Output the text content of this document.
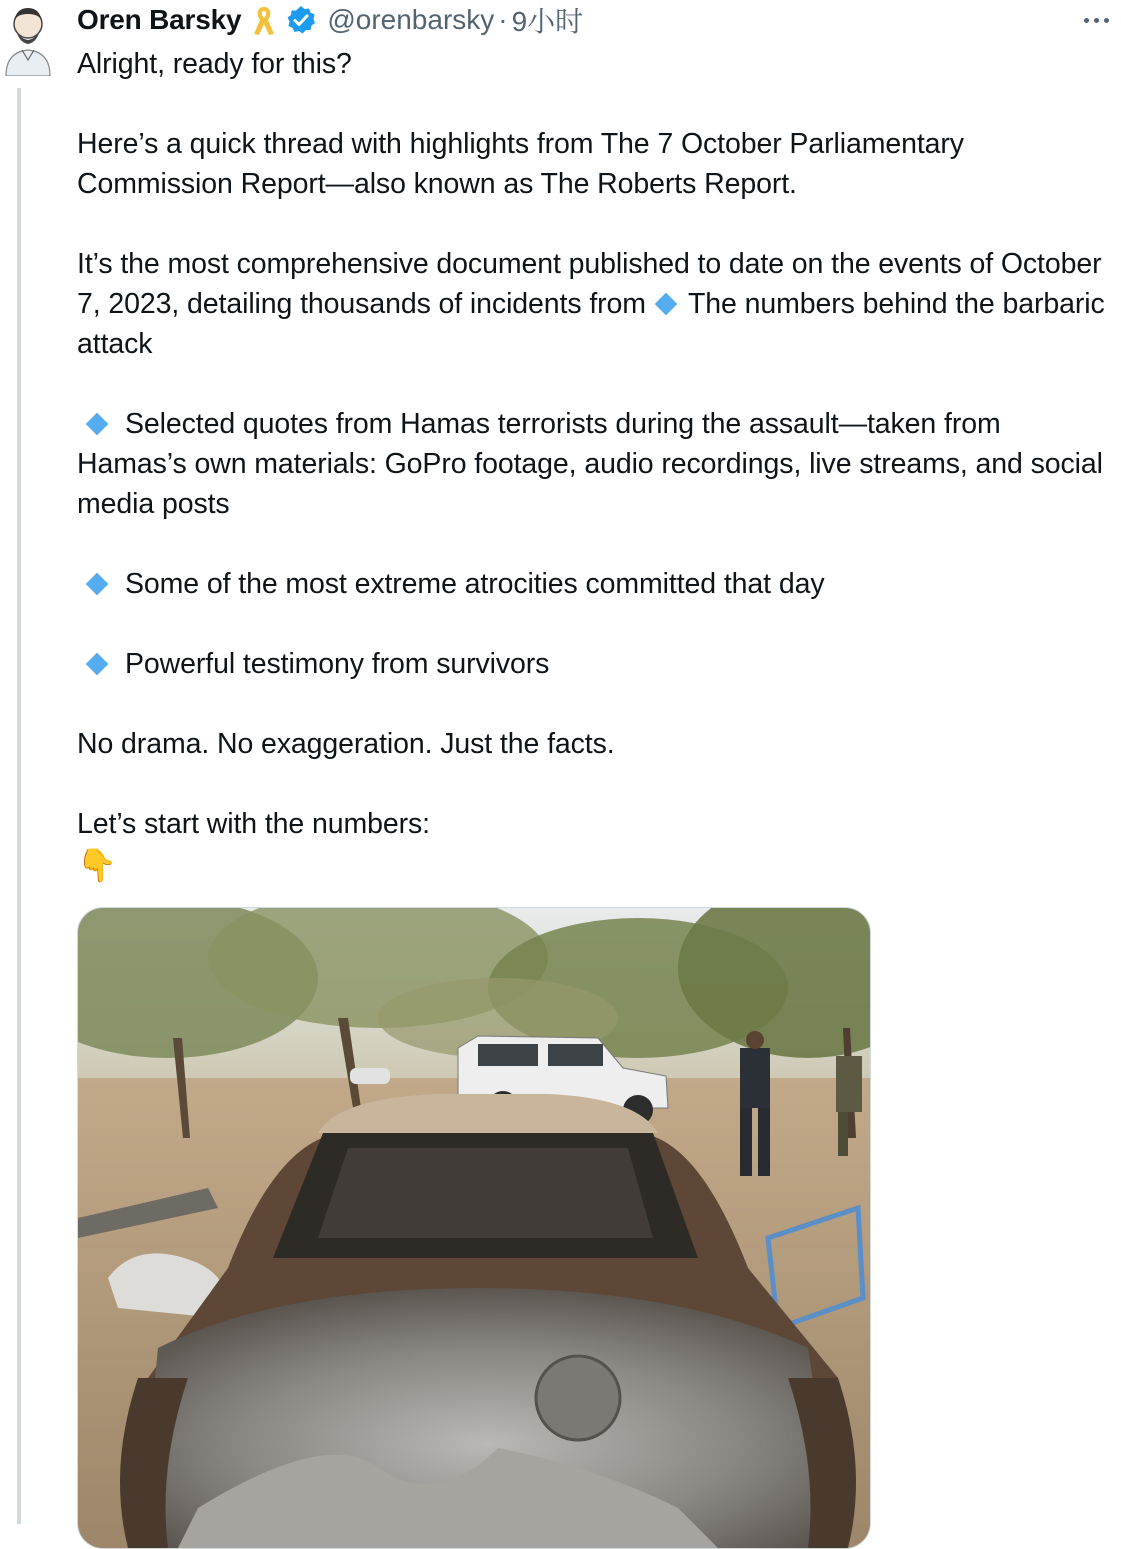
Oren Barsky	@orenbarsky · 9小时

Alright, ready for this?

Here’s a quick thread with highlights from The 7 October Parliamentary Commission Report—also known as The Roberts Report.

It’s the most comprehensive document published to date on the events of October 7, 2023, detailing thousands of incidents from The numbers behind the barbaric attack

Selected quotes from Hamas terrorists during the assault—taken from Hamas’s own materials: GoPro footage, audio recordings, live streams, and social media posts

Some of the most extreme atrocities committed that day

Powerful testimony from survivors

No drama. No exaggeration. Just the facts.

Let’s start with the numbers:

👇
